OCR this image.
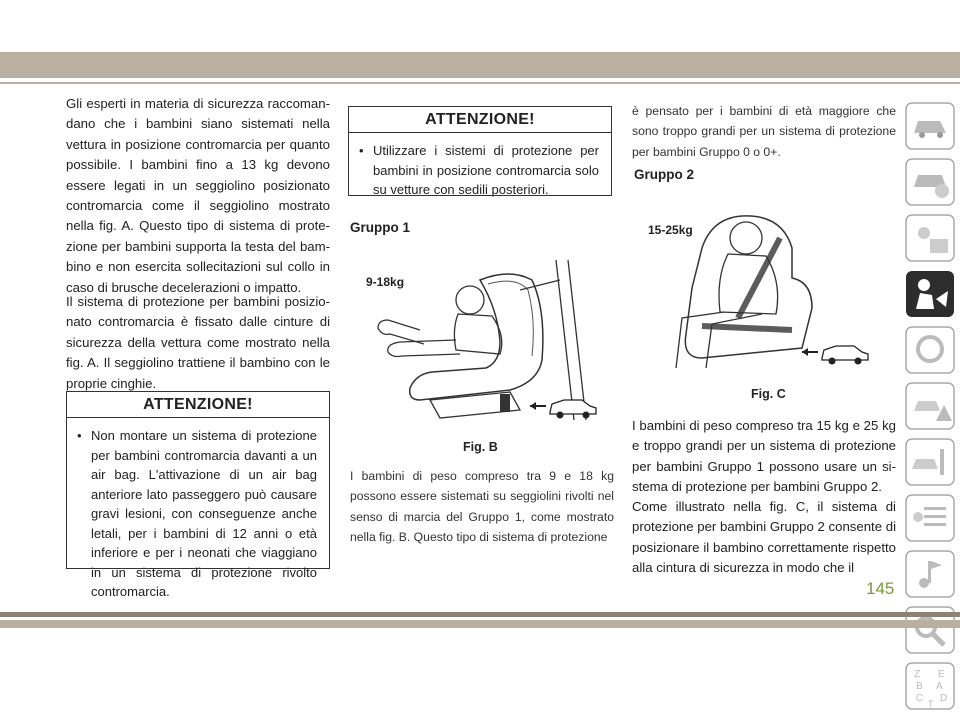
Gli esperti in materia di sicurezza raccomandano che i bambini siano sistemati nella vettura in posizione contromarcia per quanto possibile. I bambini fino a 13 kg devono essere legati in un seggiolino posizionato contromarcia come il seggiolino mostrato nella fig. A. Questo tipo di sistema di protezione per bambini supporta la testa del bambino e non esercita sollecitazioni sul collo in caso di brusche decelerazioni o impatto.

Il sistema di protezione per bambini posizionato contromarcia è fissato dalle cinture di sicurezza della vettura come mostrato nella fig. A. Il seggiolino trattiene il bambino con le proprie cinghie.

ATTENZIONE!
• Non montare un sistema di protezione per bambini contromarcia davanti a un air bag. L'attivazione di un air bag anteriore lato passeggero può causare gravi lesioni, con conseguenze anche letali, per i bambini di 12 anni o età inferiore e per i neonati che viaggiano in un sistema di protezione rivolto contromarcia.
ATTENZIONE!
• Utilizzare i sistemi di protezione per bambini in posizione contromarcia solo su vetture con sedili posteriori.
Gruppo 1
9-18kg
Fig. B

I bambini di peso compreso tra 9 e 18 kg possono essere sistemati su seggiolini rivolti nel senso di marcia del Gruppo 1, come mostrato nella fig. B. Questo tipo di sistema di protezione

è pensato per i bambini di età maggiore che sono troppo grandi per un sistema di protezione per bambini Gruppo 0 o 0+.

Gruppo 2
15-25kg
Fig. C

I bambini di peso compreso tra 15 kg e 25 kg e troppo grandi per un sistema di protezione per bambini Gruppo 1 possono usare un sistema di protezione per bambini Gruppo 2.

Come illustrato nella fig. C, il sistema di protezione per bambini Gruppo 2 consente di posizionare il bambino correttamente rispetto alla cintura di sicurezza in modo che il

Z E
B A
C D
T
145
